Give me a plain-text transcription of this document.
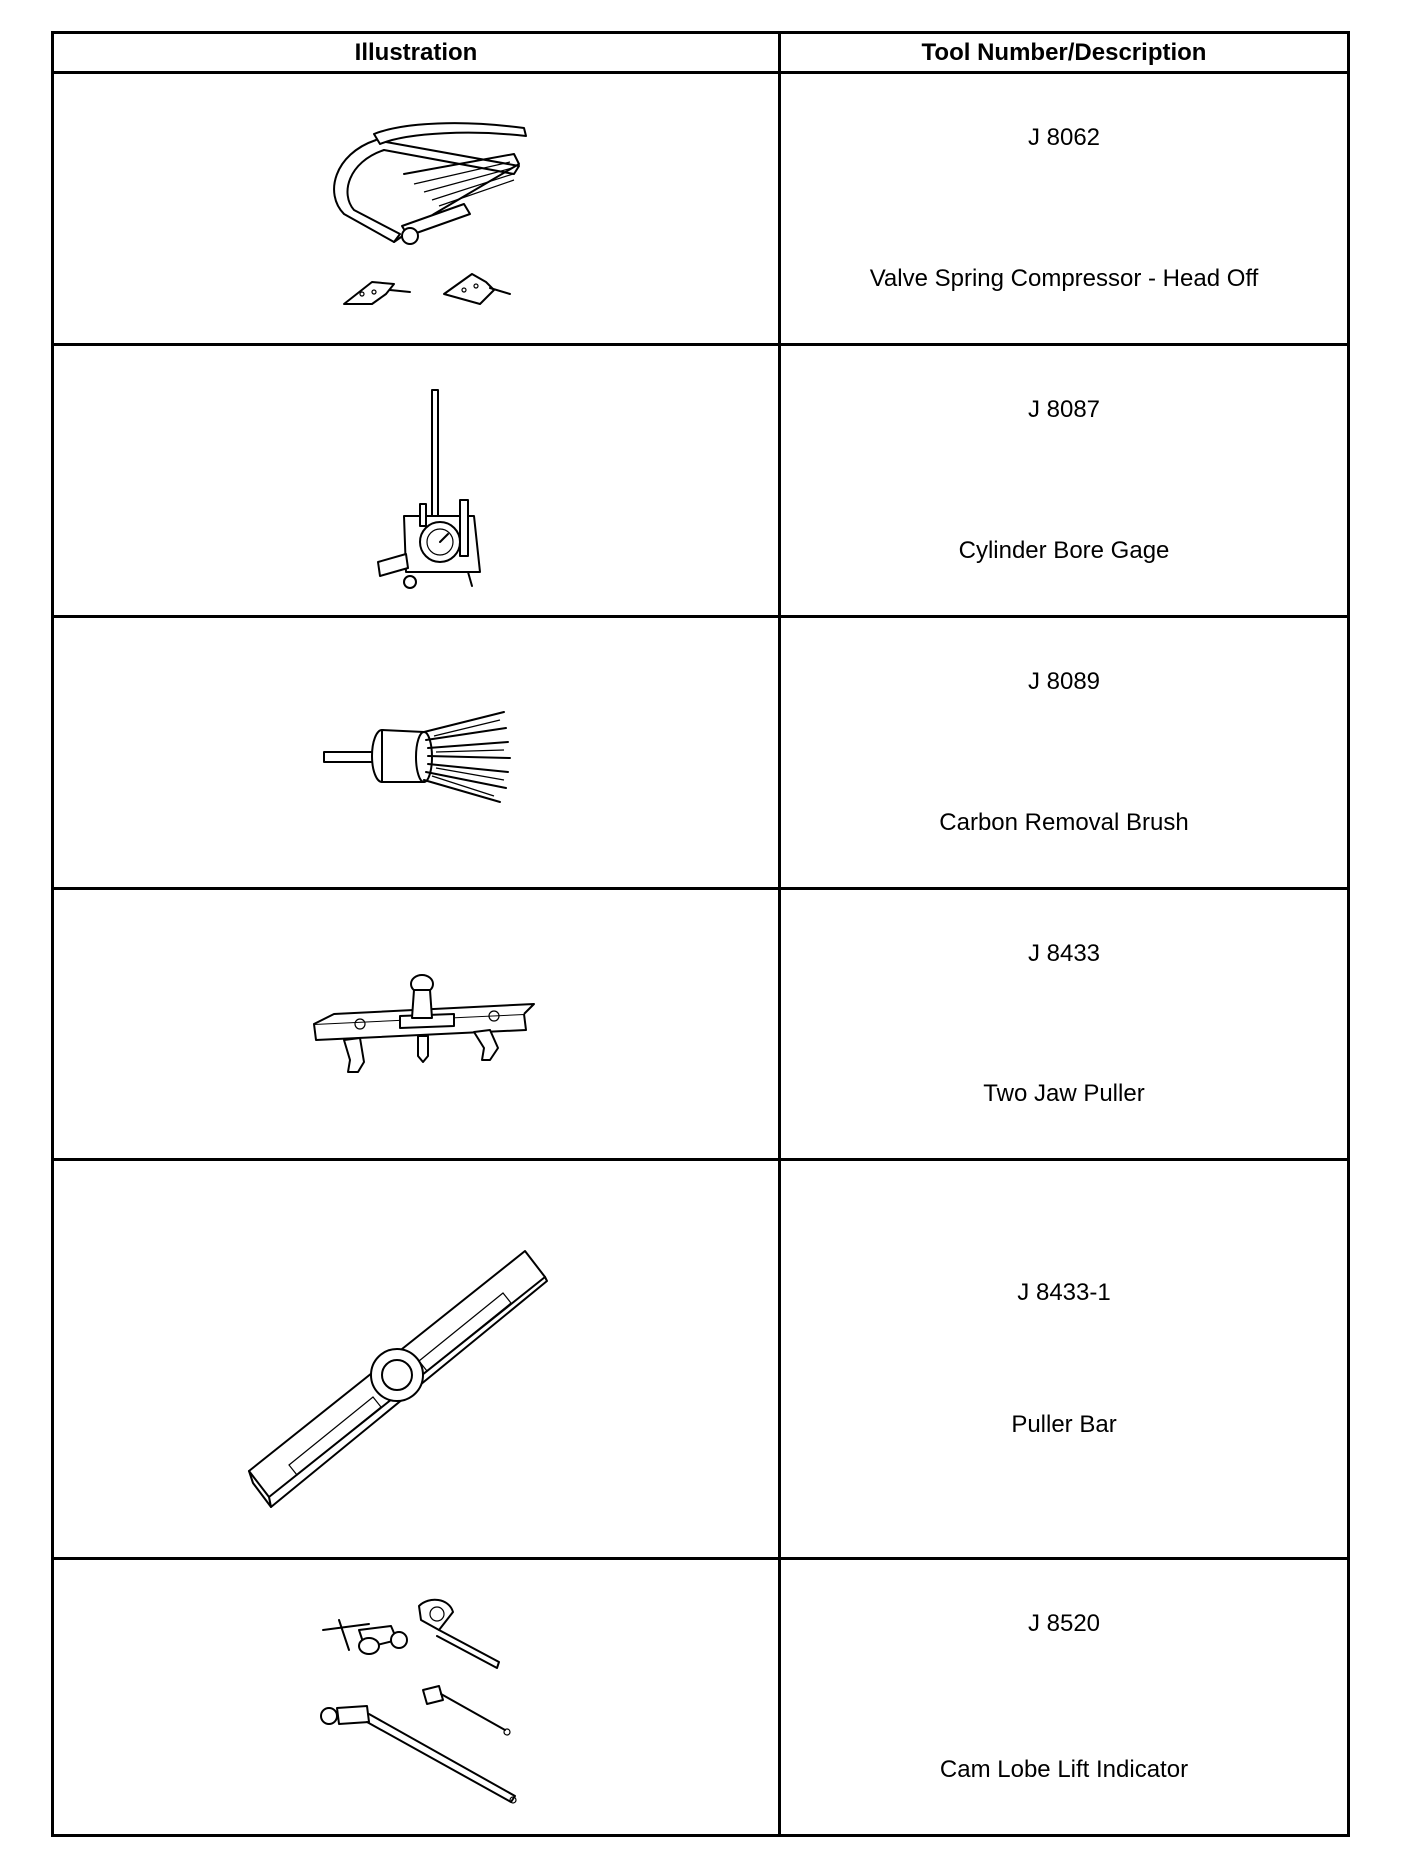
Illustration	Tool Number/Description
J 8062
Valve Spring Compressor - Head Off
J 8087
Cylinder Bore Gage
J 8089
Carbon Removal Brush
J 8433
Two Jaw Puller
J 8433-1
Puller Bar
J 8520
Cam Lobe Lift Indicator
